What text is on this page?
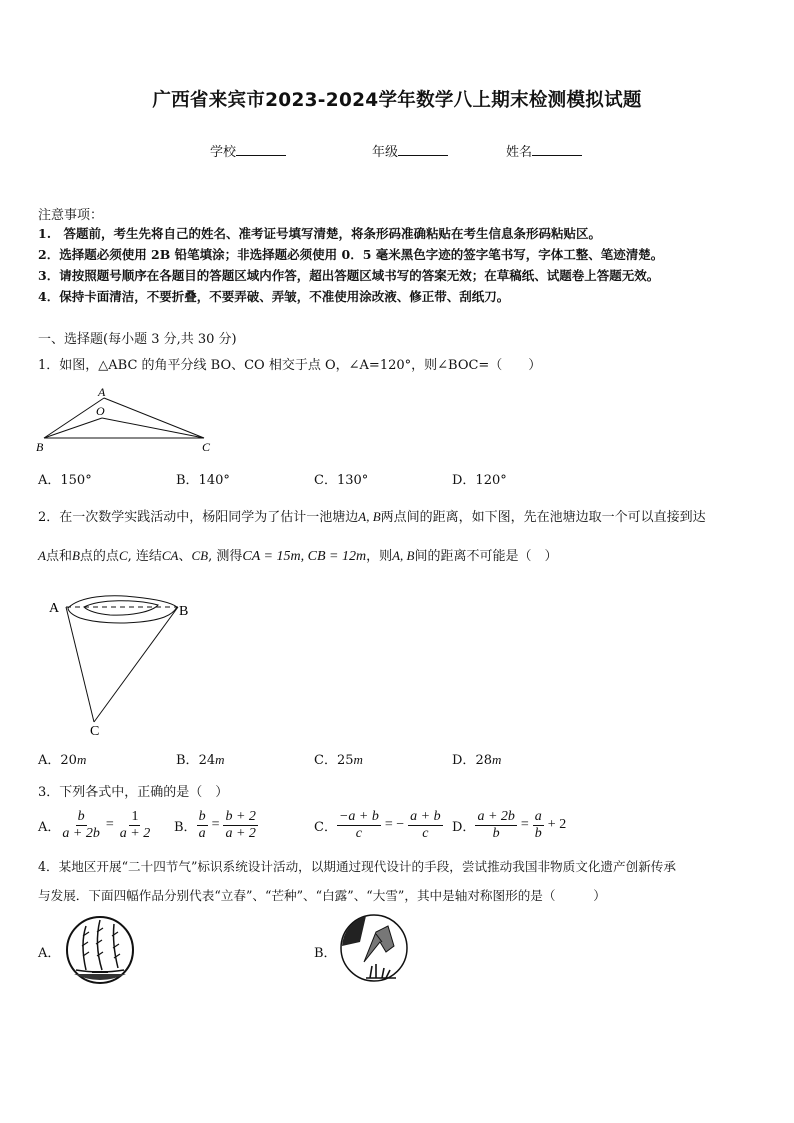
广西省来宾市2023-2024学年数学八上期末检测模拟试题
学校	年级	姓名
注意事项：
1.　答题前，考生先将自己的姓名、准考证号填写清楚，将条形码准确粘贴在考生信息条形码粘贴区。
2．选择题必须使用 2B 铅笔填涂；非选择题必须使用 0．5 毫米黑色字迹的签字笔书写，字体工整、笔迹清楚。
3．请按照题号顺序在各题目的答题区域内作答，超出答题区域书写的答案无效；在草稿纸、试题卷上答题无效。
4．保持卡面清洁，不要折叠，不要弄破、弄皱，不准使用涂改液、修正带、刮纸刀。
一、选择题(每小题 3 分,共 30 分)
1．如图，△ABC 的角平分线 BO、CO 相交于点 O，∠A=120°，则∠BOC=（　　）
A
O
B	C
A．150°	B．140°	C．130°	D．120°
2．在一次数学实践活动中，杨阳同学为了估计一池塘边A, B两点间的距离，如下图，先在池塘边取一个可以直接到达
A点和B点的点C, 连结CA、CB, 测得CA = 15m, CB = 12m，则A, B间的距离不可能是（　）
A	B
C
A．20m	B．24m	C．25m	D．28m
3．下列各式中，正确的是（　）
A． $\frac{b}{a + 2b} = \frac{1}{a + 2}$ B． $\frac{b}{a} = \frac{b + 2}{a + 2}$	C． $\frac{-a + b}{c}$ = − $\frac{a + b}{c}$ D． $\frac{a + 2b}{b} = \frac{a}{b} + 2$
4．某地区开展“二十四节气”标识系统设计活动，以期通过现代设计的手段，尝试推动我国非物质文化遗产创新传承
与发展．下面四幅作品分别代表“立春”、“芒种”、“白露”、“大雪”，其中是轴对称图形的是（　　　）
A．	B．
